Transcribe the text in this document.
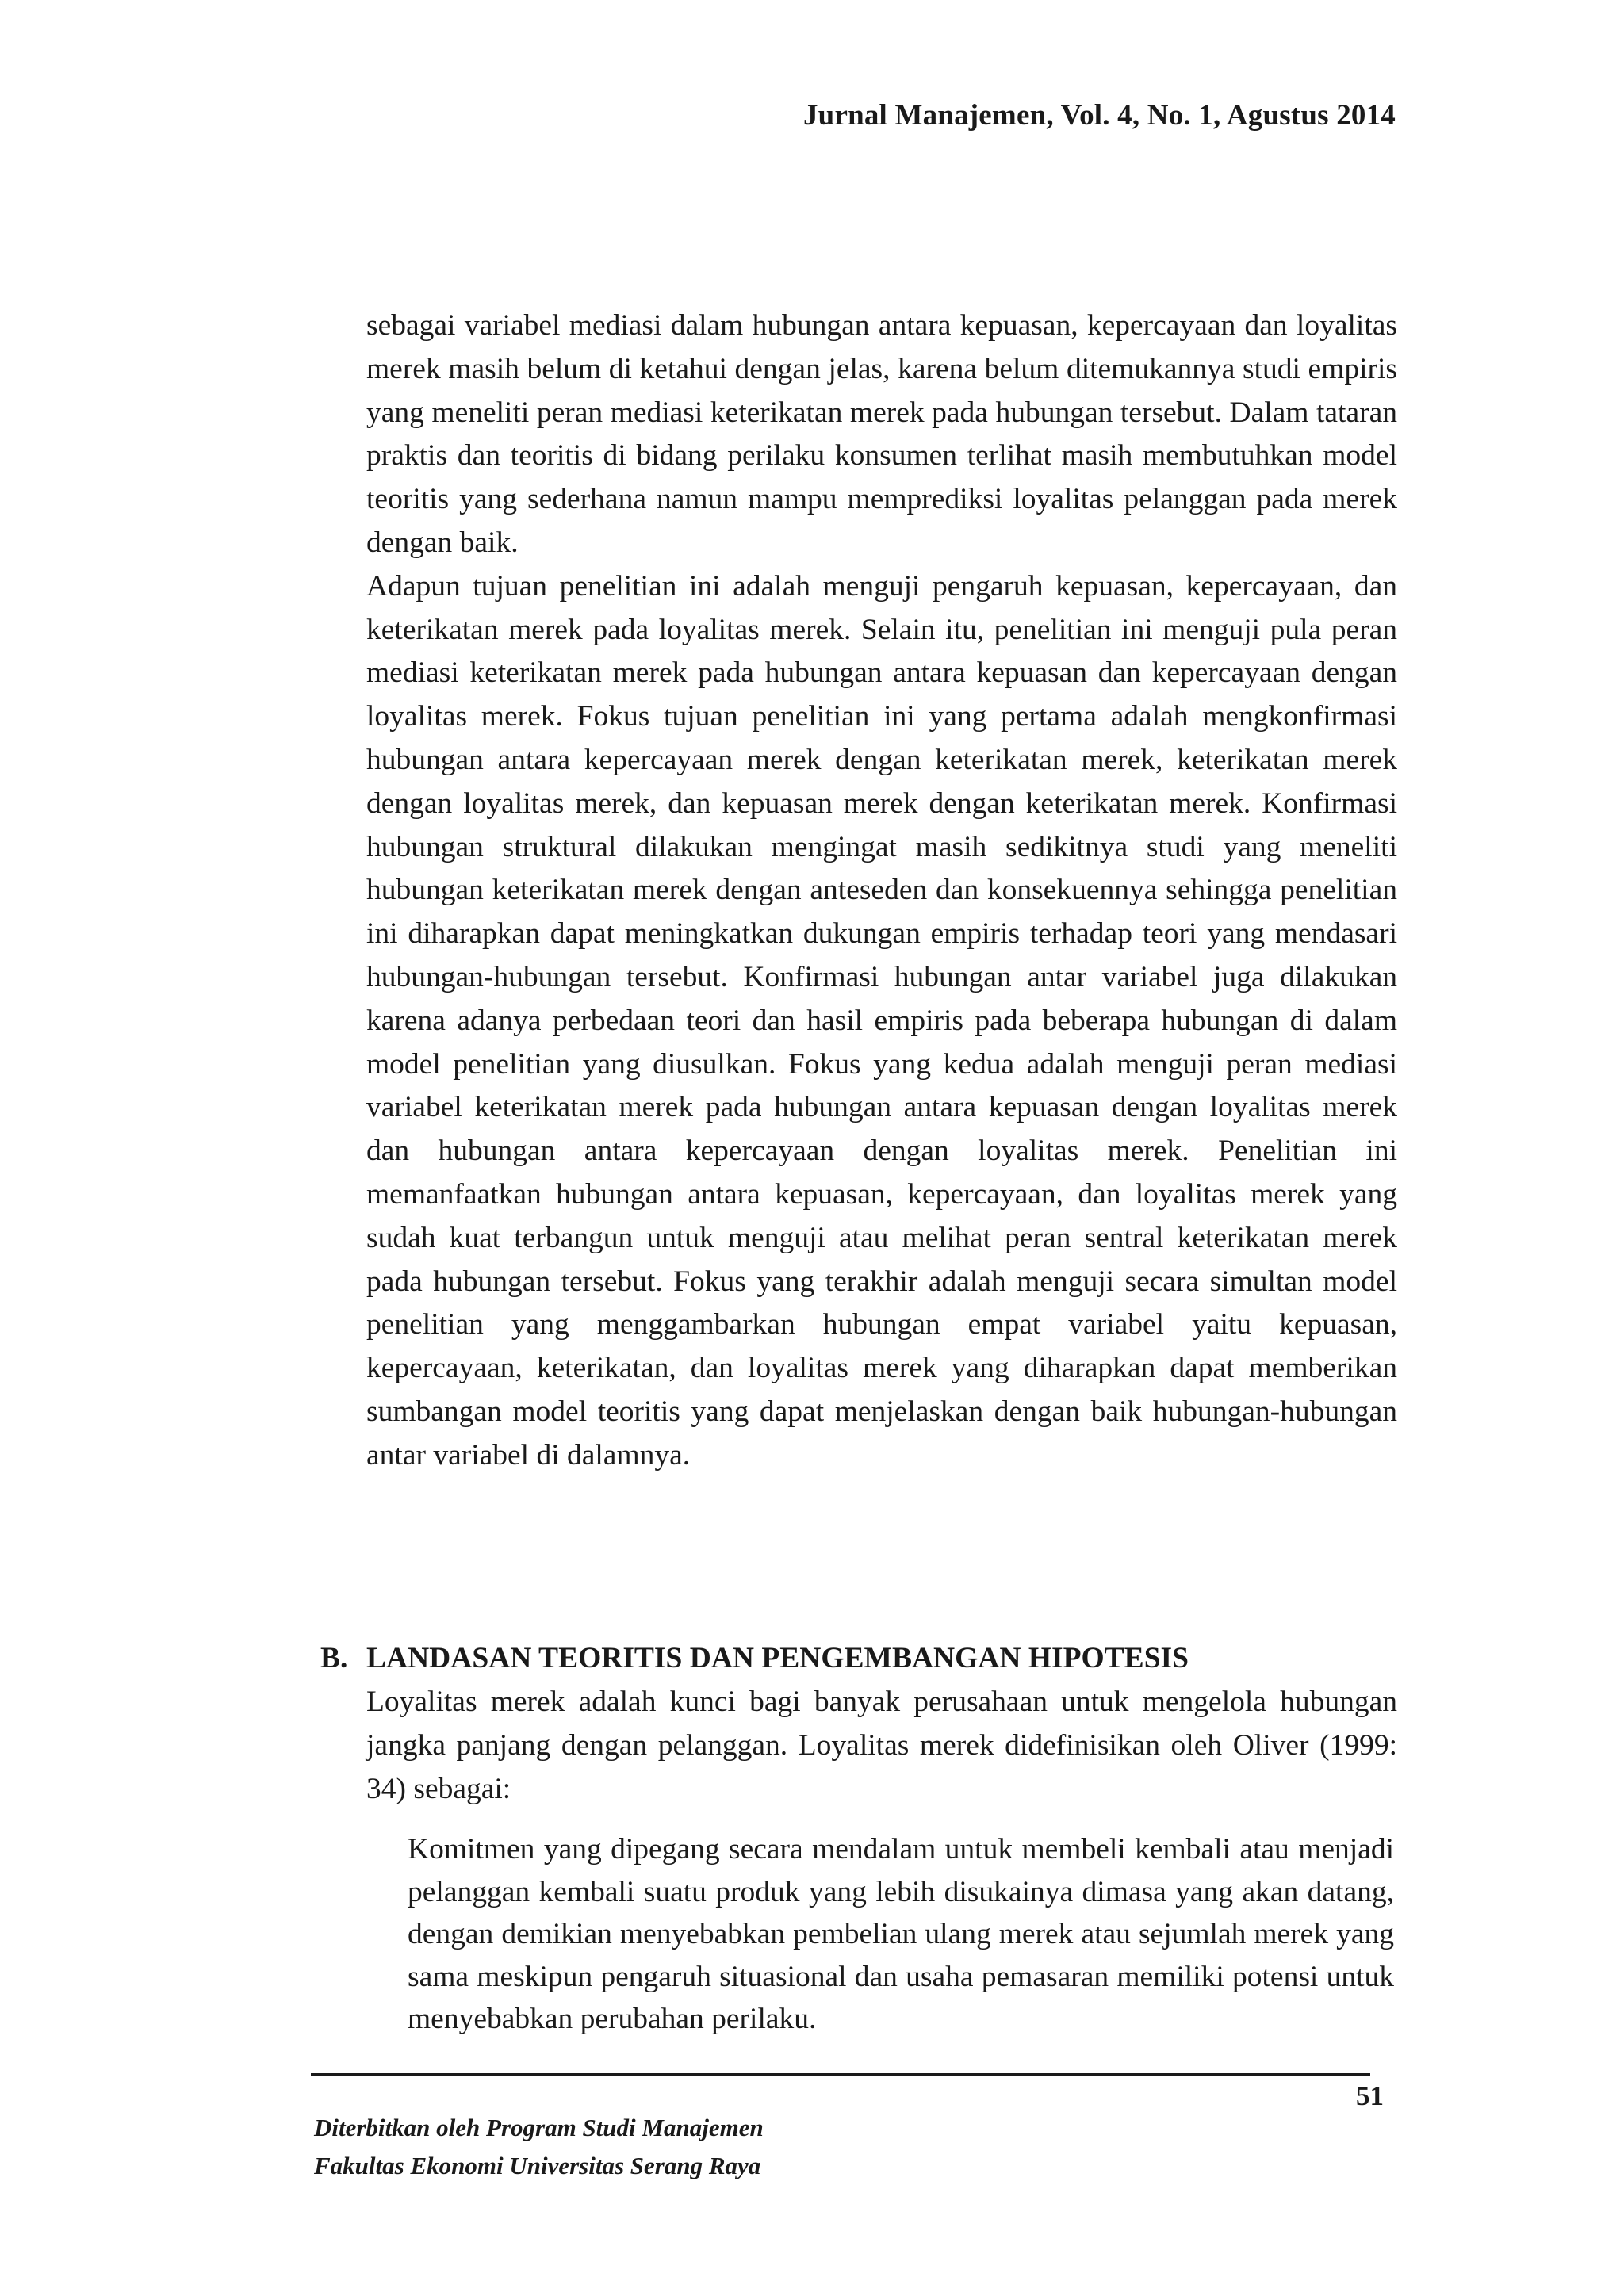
Jurnal Manajemen, Vol. 4, No. 1, Agustus 2014

sebagai variabel mediasi dalam hubungan antara kepuasan, kepercayaan dan loyalitas merek masih belum di ketahui dengan jelas, karena belum ditemukannya studi empiris yang meneliti peran mediasi keterikatan merek pada hubungan tersebut. Dalam tataran praktis dan teoritis di bidang perilaku konsumen terlihat masih membutuhkan model teoritis yang sederhana namun mampu memprediksi loyalitas pelanggan pada merek dengan baik.

Adapun tujuan penelitian ini adalah menguji pengaruh kepuasan, kepercayaan, dan keterikatan merek pada loyalitas merek. Selain itu, penelitian ini menguji pula peran mediasi keterikatan merek pada hubungan antara kepuasan dan kepercayaan dengan loyalitas merek. Fokus tujuan penelitian ini yang pertama adalah mengkonfirmasi hubungan antara kepercayaan merek dengan keterikatan merek, keterikatan merek dengan loyalitas merek, dan kepuasan merek dengan keterikatan merek. Konfirmasi hubungan struktural dilakukan mengingat masih sedikitnya studi yang meneliti hubungan keterikatan merek dengan anteseden dan konsekuennya sehingga penelitian ini diharapkan dapat meningkatkan dukungan empiris terhadap teori yang mendasari hubungan-hubungan tersebut. Konfirmasi hubungan antar variabel juga dilakukan karena adanya perbedaan teori dan hasil empiris pada beberapa hubungan di dalam model penelitian yang diusulkan. Fokus yang kedua adalah menguji peran mediasi variabel keterikatan merek pada hubungan antara kepuasan dengan loyalitas merek dan hubungan antara kepercayaan dengan loyalitas merek. Penelitian ini memanfaatkan hubungan antara kepuasan, kepercayaan, dan loyalitas merek yang sudah kuat terbangun untuk menguji atau melihat peran sentral keterikatan merek pada hubungan tersebut. Fokus yang terakhir adalah menguji secara simultan model penelitian yang menggambarkan hubungan empat variabel yaitu kepuasan, kepercayaan, keterikatan, dan loyalitas merek yang diharapkan dapat memberikan sumbangan model teoritis yang dapat menjelaskan dengan baik hubungan-hubungan antar variabel di dalamnya.

B. LANDASAN TEORITIS DAN PENGEMBANGAN HIPOTESIS

Loyalitas merek adalah kunci bagi banyak perusahaan untuk mengelola hubungan jangka panjang dengan pelanggan. Loyalitas merek didefinisikan oleh Oliver (1999: 34) sebagai:

Komitmen yang dipegang secara mendalam untuk membeli kembali atau menjadi pelanggan kembali suatu produk yang lebih disukainya dimasa yang akan datang, dengan demikian menyebabkan pembelian ulang merek atau sejumlah merek yang sama meskipun pengaruh situasional dan usaha pemasaran memiliki potensi untuk menyebabkan perubahan perilaku.
51
Diterbitkan oleh Program Studi Manajemen
Fakultas Ekonomi Universitas Serang Raya
